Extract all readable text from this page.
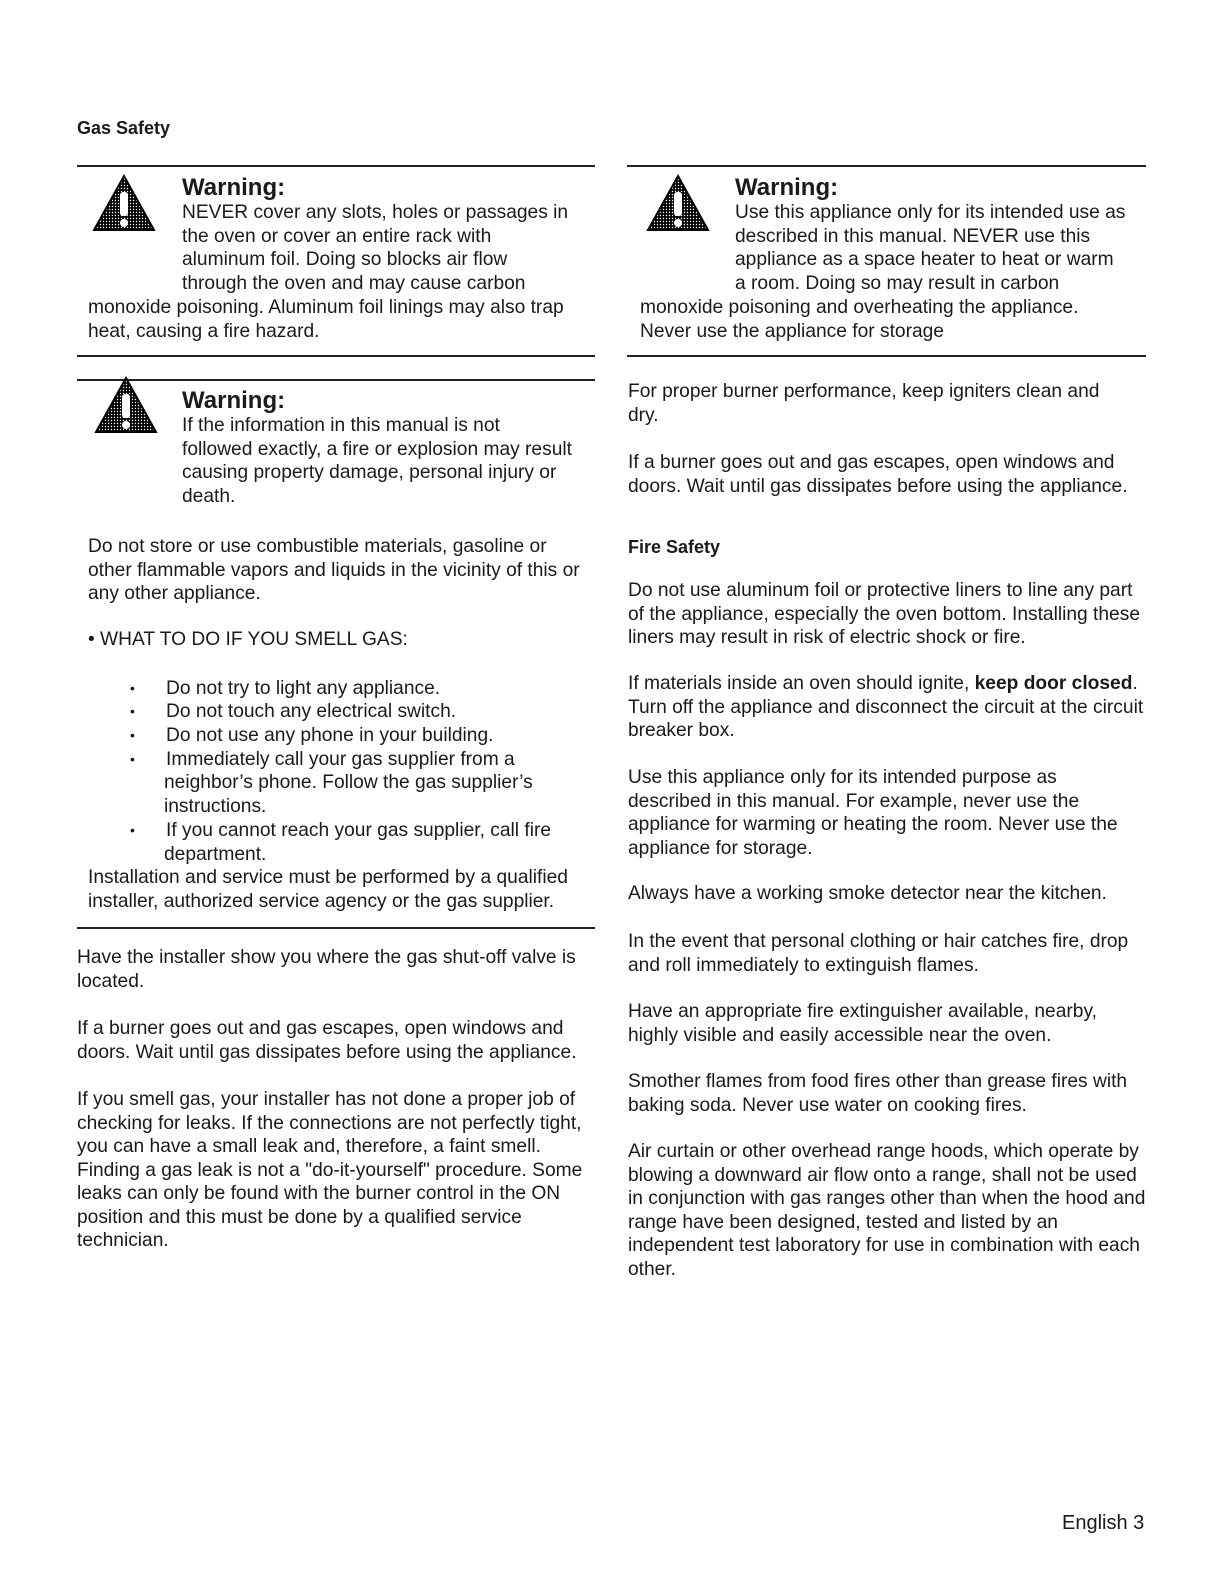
Gas Safety
Warning:
NEVER cover any slots, holes or passages in
the oven or cover an entire rack with
aluminum foil. Doing so blocks air flow
through the oven and may cause carbon
monoxide poisoning. Aluminum foil linings may also trap
heat, causing a fire hazard.
Warning:
If the information in this manual is not
followed exactly, a fire or explosion may result
causing property damage, personal injury or
death.

Do not store or use combustible materials, gasoline or other flammable vapors and liquids in the vicinity of this or any other appliance.

• WHAT TO DO IF YOU SMELL GAS:
• Do not try to light any appliance.
• Do not touch any electrical switch.
• Do not use any phone in your building.
• Immediately call your gas supplier from a
neighbor’s phone. Follow the gas supplier’s
instructions.
• If you cannot reach your gas supplier, call fire
department.

Installation and service must be performed by a qualified installer, authorized service agency or the gas supplier.

Have the installer show you where the gas shut-off valve is located.

If a burner goes out and gas escapes, open windows and doors. Wait until gas dissipates before using the appliance.

If you smell gas, your installer has not done a proper job of checking for leaks. If the connections are not perfectly tight, you can have a small leak and, therefore, a faint smell. Finding a gas leak is not a "do-it-yourself" procedure. Some leaks can only be found with the burner control in the ON position and this must be done by a qualified service technician.

Warning:
Use this appliance only for its intended use as
described in this manual. NEVER use this
appliance as a space heater to heat or warm
a room. Doing so may result in carbon
monoxide poisoning and overheating the appliance.
Never use the appliance for storage

For proper burner performance, keep igniters clean and dry.

If a burner goes out and gas escapes, open windows and doors. Wait until gas dissipates before using the appliance.

Fire Safety

Do not use aluminum foil or protective liners to line any part of the appliance, especially the oven bottom. Installing these liners may result in risk of electric shock or fire.

If materials inside an oven should ignite, keep door closed. Turn off the appliance and disconnect the circuit at the circuit breaker box.

Use this appliance only for its intended purpose as described in this manual. For example, never use the appliance for warming or heating the room. Never use the appliance for storage.

Always have a working smoke detector near the kitchen.

In the event that personal clothing or hair catches fire, drop and roll immediately to extinguish flames.

Have an appropriate fire extinguisher available, nearby, highly visible and easily accessible near the oven.

Smother flames from food fires other than grease fires with baking soda. Never use water on cooking fires.

Air curtain or other overhead range hoods, which operate by blowing a downward air flow onto a range, shall not be used in conjunction with gas ranges other than when the hood and range have been designed, tested and listed by an independent test laboratory for use in combination with each other.

English 3
